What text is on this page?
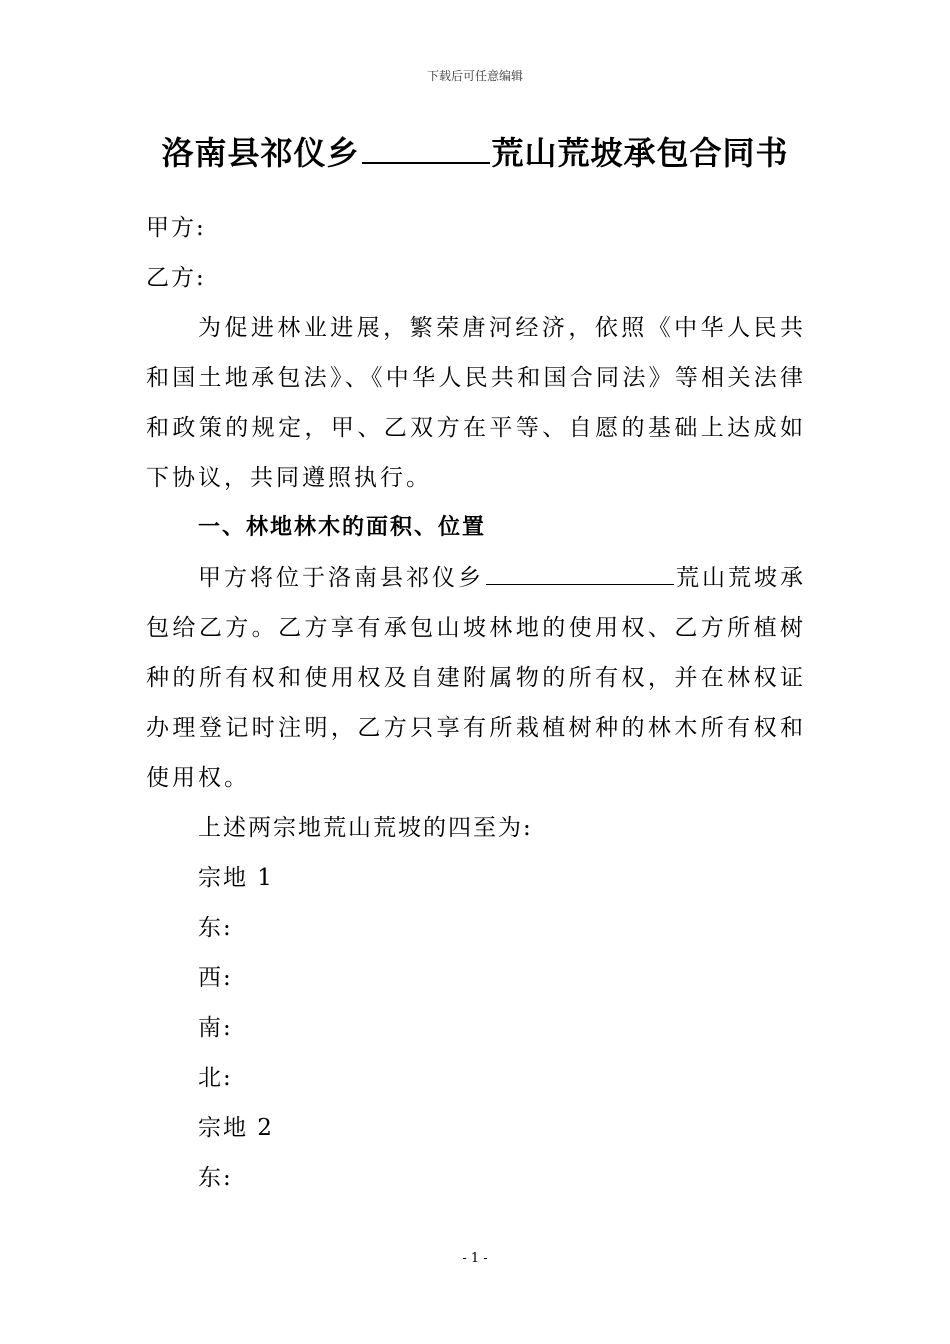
下载后可任意编辑
洛南县祁仪乡	荒山荒坡承包合同书
甲方:
乙方:
为促进林业进展，繁荣唐河经济，依照《中华人民共和国土地承包法》、《中华人民共和国合同法》等相关法律和政策的规定，甲、乙双方在平等、自愿的基础上达成如下协议，共同遵照执行。
一、林地林木的面积、位置
甲方将位于洛南县祁仪乡	荒山荒坡承包给乙方。乙方享有承包山坡林地的使用权、乙方所植树种的所有权和使用权及自建附属物的所有权，并在林权证办理登记时注明，乙方只享有所栽植树种的林木所有权和使用权。
上述两宗地荒山荒坡的四至为:
宗地 1
东:
西:
南:
北:
宗地 2
东:
- 1 -
